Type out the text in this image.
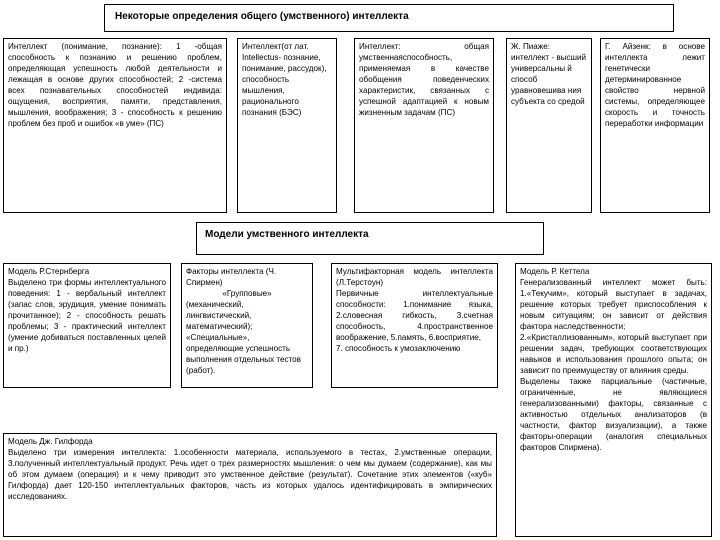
Некоторые определения общего (умственного) интеллекта

Интеллект (понимание, познание): 1 -общая способность к познанию и решению проблем, определяющая успешность любой деятельности и лежащая в основе других способностей; 2 -система всех познавательных способностей индивида: ощущения, восприятия, памяти, представления, мышления, воображения; 3 - способность к решению проблем без проб и ошибок «в уме» (ПС)

Интеллект(от лат. Intellectus- познание, понимание, рассудок), способность мышления, рационального познания (БЭС)

Интеллект: общая умственнаяспособность, применяемая в качестве обобщения поведенческих характеристик, связанных с успешной адаптацией к новым жизненным задачам (ПС)

Ж. Пиаже: интеллект - высший универсальны й способ уравновешива ния субъекта со средой

Г. Айзенк: в основе интеллекта лежит генетически детерминированное свойство нервной системы, определяющее скорость и точность переработки информации

Модели умственного интеллекта

Модель Р.Стернберга

Выделено три формы интеллектуального поведения: 1 - вербальный интеллект (запас слов, эрудиция, умение понимать прочитанное); 2 - способность решать проблемы; 3 - практический интеллект (умение добиваться поставленных целей и пр.)

Факторы интеллекта (Ч. Спирмен)

«Групповые»

(механический, лингвистический, математический);

«Специальные», определяющие успешность выполнения отдельных тестов (работ).

Мультифакторная модель интеллекта (Л.Терстоун)

Первичные интеллектуальные способности: 1.понимание языка, 2.словесная гибкость, 3.счетная способность, 4.пространственное воображение, 5.память, 6.восприятие,

7. способность к умозаключению

Модель Р. Кеттела

Генерализованный интеллект может быть: 1.«Текучим», который выступает в задачах, решение которых требует приспособления к новым ситуациям; он зависит от действия фактора наследственности;

2.«Кристаллизованным», который выступает при решении задач, требующих соответствующих навыков и использования прошлого опыта; он зависит по преимуществу от влияния среды.

Выделены также парциальные (частичные, ограниченные, не являющиеся генерализованными) факторы, связанные с активностью отдельных анализаторов (в частности, фактор визуализации), а также факторы-операции (аналогия специальных факторов Спирмена).

Модель Дж. Гилфорда

Выделено три измерения интеллекта: 1.особенности материала, используемого в тестах, 2.умственные операции, 3.полученный интеллектуальный продукт. Речь идет о трех размерностях мышления: о чем мы думаем (содержание), как мы об этом думаем (операция) и к чему приводит это умственное действие (результат). Сочетание этих элементов («куб» Гилфорда) дает 120-150 интеллектуальных факторов, часть из которых удалось идентифицировать в эмпирических исследованиях.
